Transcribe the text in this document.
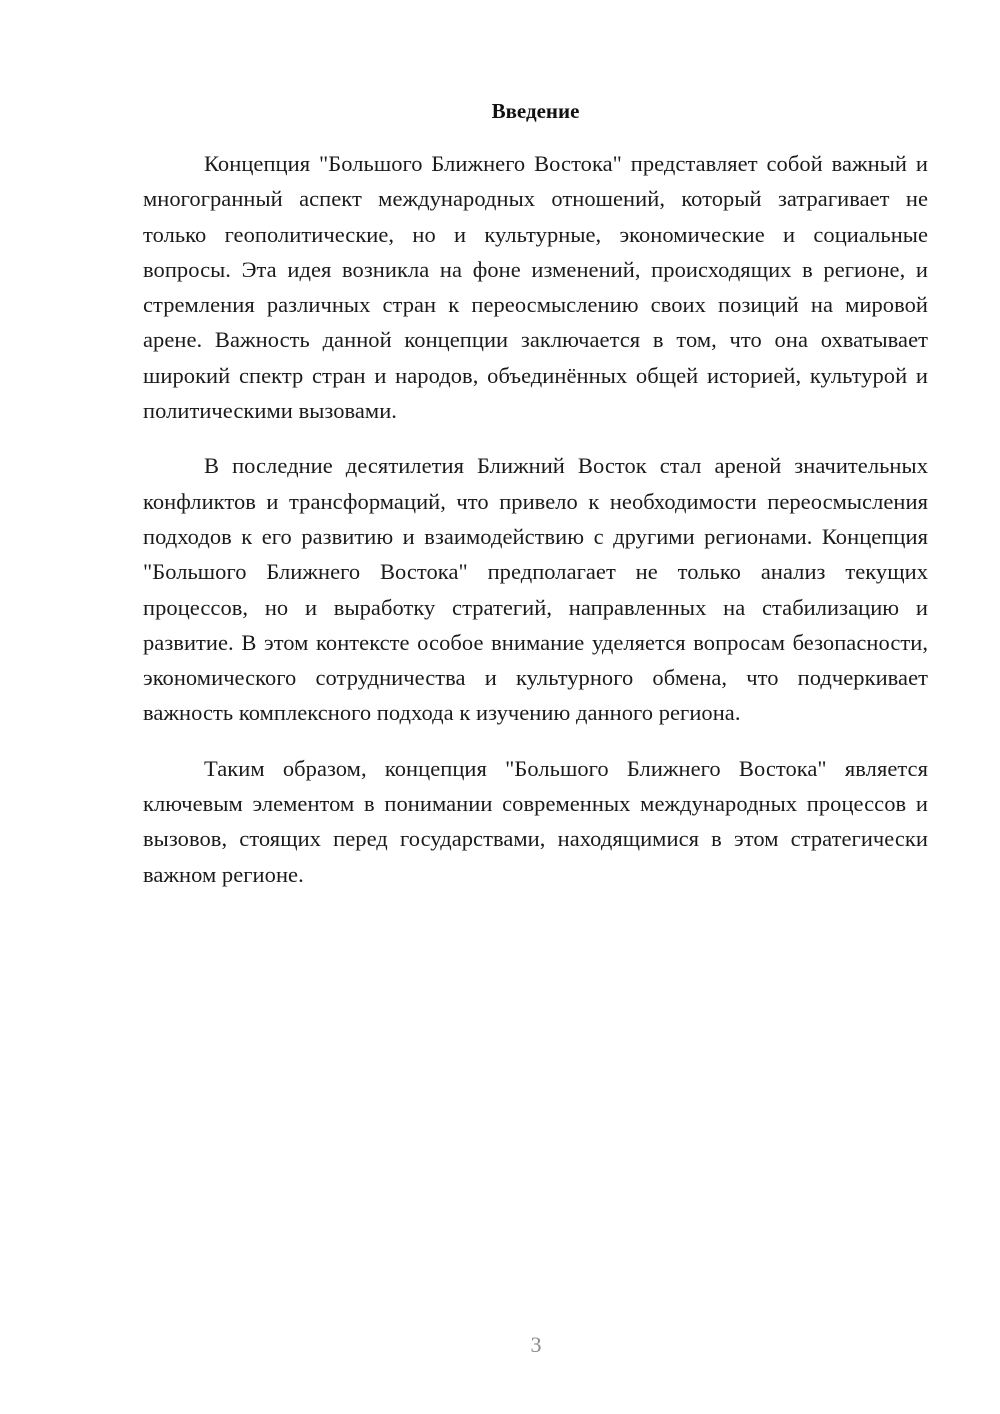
Введение

Концепция "Большого Ближнего Востока" представляет собой важный и многогранный аспект международных отношений, который затрагивает не только геополитические, но и культурные, экономические и социальные вопросы. Эта идея возникла на фоне изменений, происходящих в регионе, и стремления различных стран к переосмыслению своих позиций на мировой арене. Важность данной концепции заключается в том, что она охватывает широкий спектр стран и народов, объединённых общей историей, культурой и политическими вызовами.

В последние десятилетия Ближний Восток стал ареной значительных конфликтов и трансформаций, что привело к необходимости переосмысления подходов к его развитию и взаимодействию с другими регионами. Концепция "Большого Ближнего Востока" предполагает не только анализ текущих процессов, но и выработку стратегий, направленных на стабилизацию и развитие. В этом контексте особое внимание уделяется вопросам безопасности, экономического сотрудничества и культурного обмена, что подчеркивает важность комплексного подхода к изучению данного региона.

Таким образом, концепция "Большого Ближнего Востока" является ключевым элементом в понимании современных международных процессов и вызовов, стоящих перед государствами, находящимися в этом стратегически важном регионе.

3
